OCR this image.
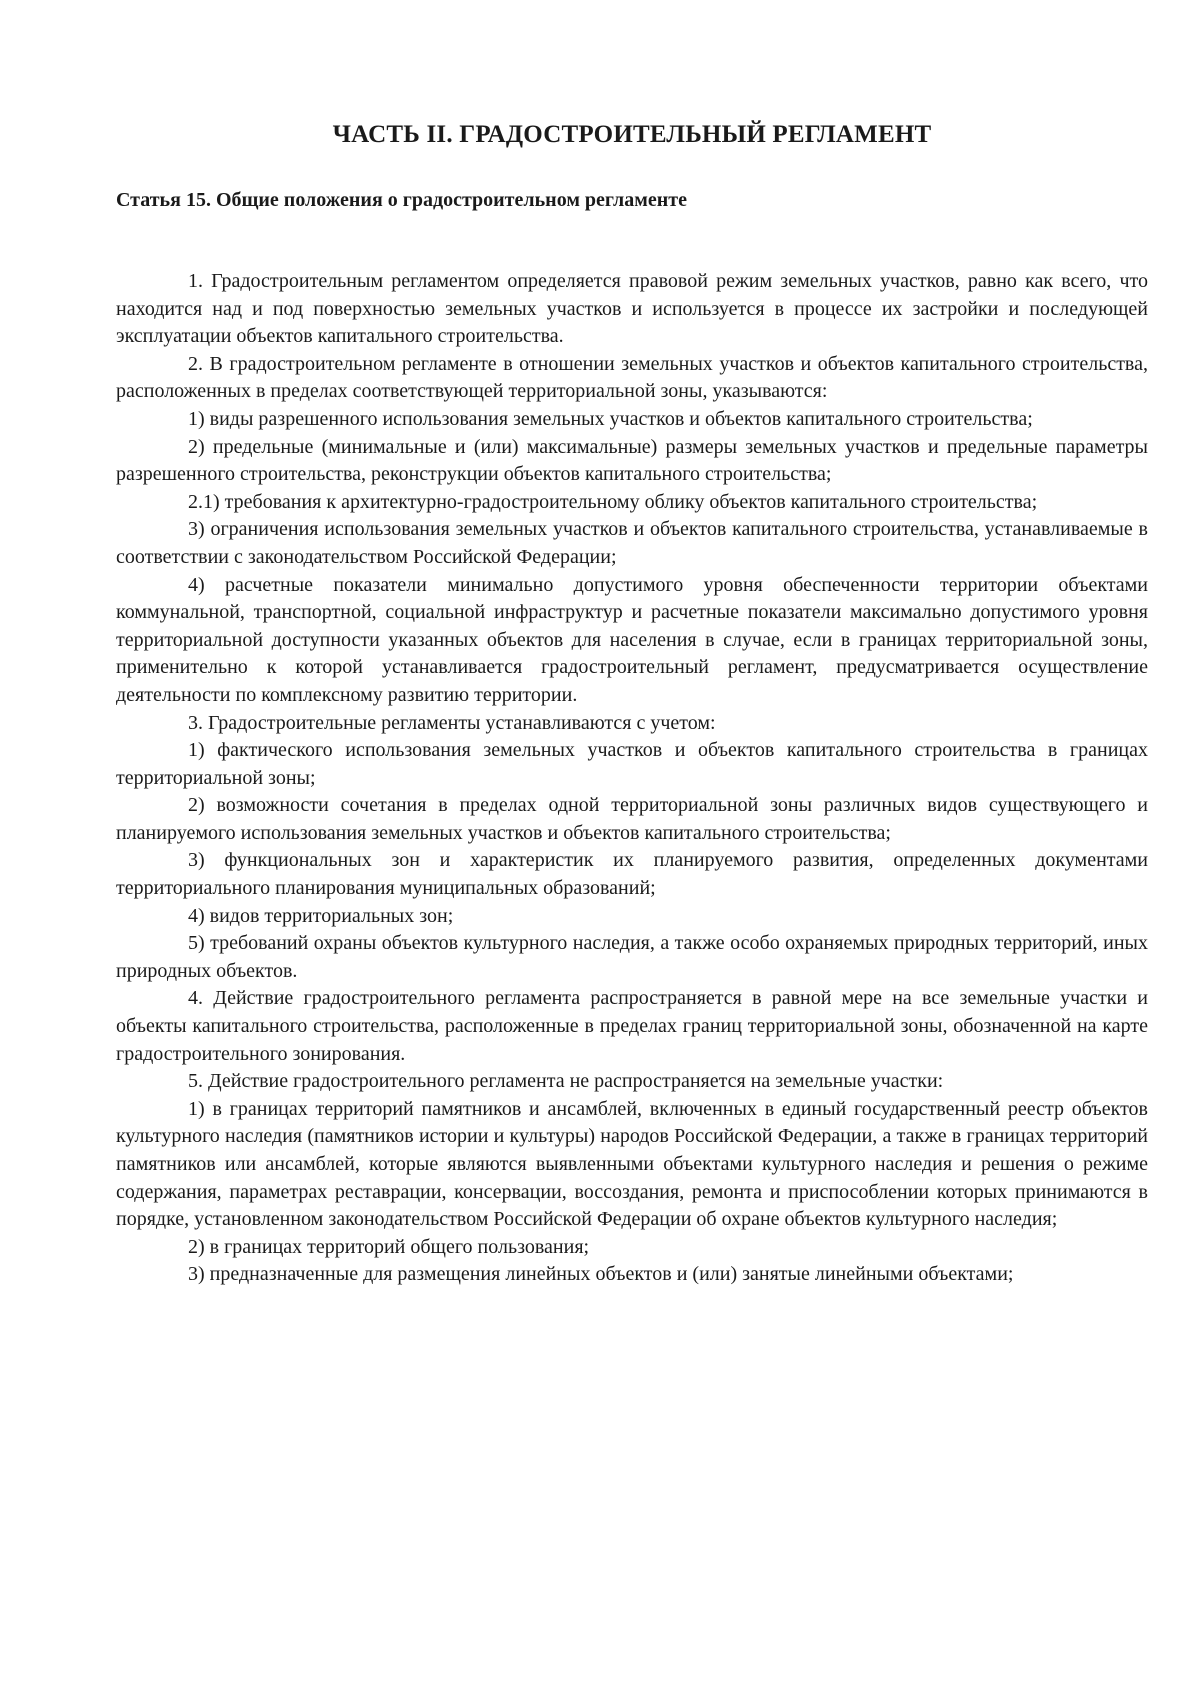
ЧАСТЬ II. ГРАДОСТРОИТЕЛЬНЫЙ РЕГЛАМЕНТ
Статья 15. Общие положения о градостроительном регламенте

1. Градостроительным регламентом определяется правовой режим земельных участков, равно как всего, что находится над и под поверхностью земельных участков и используется в процессе их застройки и последующей эксплуатации объектов капитального строительства.

2. В градостроительном регламенте в отношении земельных участков и объектов капитального строительства, расположенных в пределах соответствующей территориальной зоны, указываются:

1) виды разрешенного использования земельных участков и объектов капитального строительства;

2) предельные (минимальные и (или) максимальные) размеры земельных участков и предельные параметры разрешенного строительства, реконструкции объектов капитального строительства;

2.1) требования к архитектурно-градостроительному облику объектов капитального строительства;

3) ограничения использования земельных участков и объектов капитального строительства, устанавливаемые в соответствии с законодательством Российской Федерации;

4) расчетные показатели минимально допустимого уровня обеспеченности территории объектами коммунальной, транспортной, социальной инфраструктур и расчетные показатели максимально допустимого уровня территориальной доступности указанных объектов для населения в случае, если в границах территориальной зоны, применительно к которой устанавливается градостроительный регламент, предусматривается осуществление деятельности по комплексному развитию территории.

3. Градостроительные регламенты устанавливаются с учетом:

1) фактического использования земельных участков и объектов капитального строительства в границах территориальной зоны;

2) возможности сочетания в пределах одной территориальной зоны различных видов существующего и планируемого использования земельных участков и объектов капитального строительства;

3) функциональных зон и характеристик их планируемого развития, определенных документами территориального планирования муниципальных образований;

4) видов территориальных зон;

5) требований охраны объектов культурного наследия, а также особо охраняемых природных территорий, иных природных объектов.

4. Действие градостроительного регламента распространяется в равной мере на все земельные участки и объекты капитального строительства, расположенные в пределах границ территориальной зоны, обозначенной на карте градостроительного зонирования.

5. Действие градостроительного регламента не распространяется на земельные участки:

1) в границах территорий памятников и ансамблей, включенных в единый государственный реестр объектов культурного наследия (памятников истории и культуры) народов Российской Федерации, а также в границах территорий памятников или ансамблей, которые являются выявленными объектами культурного наследия и решения о режиме содержания, параметрах реставрации, консервации, воссоздания, ремонта и приспособлении которых принимаются в порядке, установленном законодательством Российской Федерации об охране объектов культурного наследия;

2) в границах территорий общего пользования;

3) предназначенные для размещения линейных объектов и (или) занятые линейными объектами;
